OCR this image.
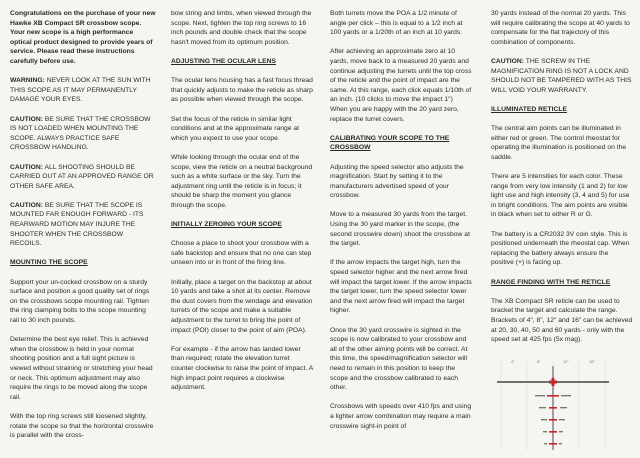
Congratulations on the purchase of your new Hawke XB Compact SR crossbow scope. Your new scope is a high performance optical product designed to provide years of service. Please read these instructions carefully before use.

WARNING: NEVER LOOK AT THE SUN WITH THIS SCOPE AS IT MAY PERMANENTLY DAMAGE YOUR EYES.

CAUTION: BE SURE THAT THE CROSSBOW IS NOT LOADED WHEN MOUNTING THE SCOPE. ALWAYS PRACTICE SAFE CROSSBOW HANDLING.

CAUTION: ALL SHOOTING SHOULD BE CARRIED OUT AT AN APPROVED RANGE OR OTHER SAFE AREA.

CAUTION: BE SURE THAT THE SCOPE IS MOUNTED FAR ENOUGH FORWARD - ITS REARWARD MOTION MAY INJURE THE SHOOTER WHEN THE CROSSBOW RECOILS.

MOUNTING THE SCOPE

Support your un-cocked crossbow on a sturdy surface and position a good quality set of rings on the crossbows scope mounting rail. Tighten the ring clamping bolts to the scope mounting rail to 30 inch pounds.

Determine the best eye relief. This is achieved when the crossbow is held in your normal shooting position and a full sight picture is viewed without straining or stretching your head or neck. This optimum adjustment may also require the rings to be moved along the scope rail.

With the top ring screws still loosened slightly, rotate the scope so that the horizontal crosswire is parallel with the cross-

bow string and limbs, when viewed through the scope. Next, tighten the top ring screws to 16 inch pounds and double check that the scope hasn't moved from its optimum position.

ADJUSTING THE OCULAR LENS

The ocular lens housing has a fast focus thread that quickly adjusts to make the reticle as sharp as possible when viewed through the scope.

Set the focus of the reticle in similar light conditions and at the approximate range at which you expect to use your scope.

While looking through the ocular end of the scope, view the reticle on a neutral background such as a white surface or the sky. Turn the adjustment ring until the reticle is in focus; it should be sharp the moment you glance through the scope.

INITIALLY ZEROING YOUR SCOPE

Choose a place to shoot your crossbow with a safe backstop and ensure that no one can step unseen into or in front of the firing line.

Initially, place a target on the backstop at about 10 yards and take a shot at its center. Remove the dust covers from the windage and elevation turrets of the scope and make a suitable adjustment to the turret to bring the point of impact (POI) closer to the point of aim (POA).

For example - if the arrow has landed lower than required; rotate the elevation turret counter clockwise to raise the point of impact. A high impact point requires a clockwise adjustment.

Both turrets move the POA a 1/2 minute of angle per click – this is equal to a 1/2 inch at 100 yards or a 1/20th of an inch at 10 yards.

After achieving an approximate zero at 10 yards, move back to a measured 20 yards and continue adjusting the turrets until the top cross of the reticle and the point of impact are the same. At this range, each click equals 1/10th of an inch. (10 clicks to move the impact 1") When you are happy with the 20 yard zero, replace the turret covers.

CALIBRATING YOUR SCOPE TO THE CROSSBOW

Adjusting the speed selector also adjusts the magnification. Start by setting it to the manufacturers advertised speed of your crossbow.

Move to a measured 30 yards from the target. Using the 30 yard marker in the scope, (the second crosswire down) shoot the crossbow at the target.

If the arrow impacts the target high, turn the speed selector higher and the next arrow fired will impact the target lower. If the arrow impacts the target lower, turn the speed selector lower and the next arrow fired will impact the target higher.

Once the 30 yard crosswire is sighted in the scope is now calibrated to your crossbow and all of the other aiming points will be correct. At this time, the speed/magnification selector will need to remain in this position to keep the scope and the crossbow calibrated to each other.

Crossbows with speeds over 410 fps and using a lighter arrow combination may require a main crosswire sight-in point of

30 yards instead of the normal 20 yards. This will require calibrating the scope at 40 yards to compensate for the flat trajectory of this combination of components.

CAUTION: THE SCREW IN THE MAGNIFICATION RING IS NOT A LOCK AND SHOULD NOT BE TAMPERED WITH AS THIS WILL VOID YOUR WARRANTY.

ILLUMINATED RETICLE

The central aim points can be illuminated in either red or green. The control rheostat for operating the illumination is positioned on the saddle.

There are 5 intensities for each color. These range from very low intensity (1 and 2) for low light use and high intensity (3, 4 and 5) for use in bright conditions. The aim points are visible in black when set to either R or G.

The battery is a CR2032 3V coin style. This is positioned underneath the rheostat cap. When replacing the battery always ensure the positive (+) is facing up.

RANGE FINDING WITH THE RETICLE

The XB Compact SR reticle can be used to bracket the target and calculate the range. Brackets of 4", 8", 12" and 16" can be achieved at 20, 30, 40, 50 and 60 yards - only with the speed set at 425 fps (5x mag).

4"	8"	12"	16"
